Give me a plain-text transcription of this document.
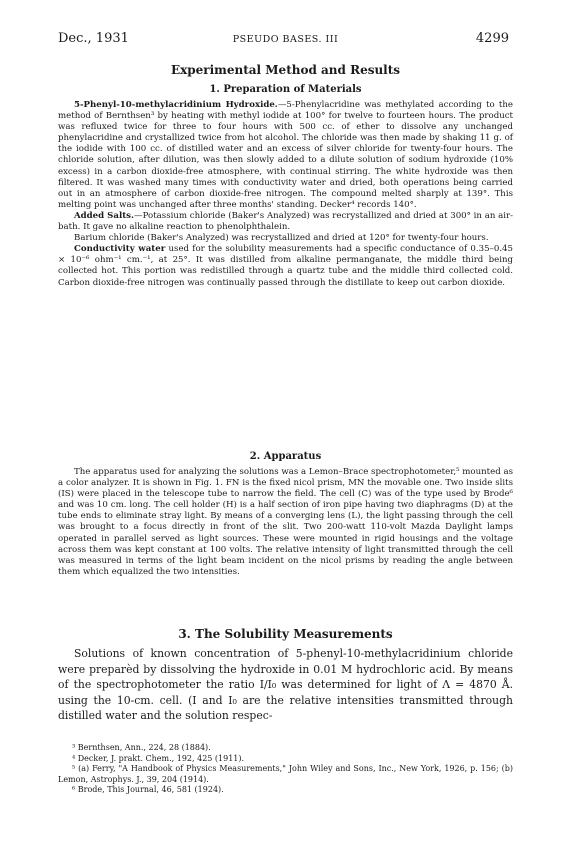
Dec., 1931	PSEUDO BASES. III	4299

Experimental Method and Results

1. Preparation of Materials

5-Phenyl-10-methylacridinium Hydroxide.—5-Phenylacridine was methylated according to the method of Bernthsen³ by heating with methyl iodide at 100° for twelve to fourteen hours. The product was refluxed twice for three to four hours with 500 cc. of ether to dissolve any unchanged phenylacridine and crystallized twice from hot alcohol. The chloride was then made by shaking 11 g. of the iodide with 100 cc. of distilled water and an excess of silver chloride for twenty-four hours. The chloride solution, after dilution, was then slowly added to a dilute solution of sodium hydroxide (10% excess) in a carbon dioxide-free atmosphere, with continual stirring. The white hydroxide was then filtered. It was washed many times with conductivity water and dried, both operations being carried out in an atmosphere of carbon dioxide-free nitrogen. The compound melted sharply at 139°. This melting point was unchanged after three months' standing. Decker⁴ records 140°.

Added Salts.—Potassium chloride (Baker's Analyzed) was recrystallized and dried at 300° in an air-bath. It gave no alkaline reaction to phenolphthalein.

Barium chloride (Baker's Analyzed) was recrystallized and dried at 120° for twenty-four hours.

Conductivity water used for the solubility measurements had a specific conductance of 0.35–0.45 × 10⁻⁶ ohm⁻¹ cm.⁻¹, at 25°. It was distilled from alkaline permanganate, the middle third being collected hot. This portion was redistilled through a quartz tube and the middle third collected cold. Carbon dioxide-free nitrogen was continually passed through the distillate to keep out carbon dioxide.

2. Apparatus

The apparatus used for analyzing the solutions was a Lemon–Brace spectrophotometer,⁵ mounted as a color analyzer. It is shown in Fig. 1. FN is the fixed nicol prism, MN the movable one. Two inside slits (IS) were placed in the telescope tube to narrow the field. The cell (C) was of the type used by Brode⁶ and was 10 cm. long. The cell holder (H) is a half section of iron pipe having two diaphragms (D) at the tube ends to eliminate stray light. By means of a converging lens (L), the light passing through the cell was brought to a focus directly in front of the slit. Two 200-watt 110-volt Mazda Daylight lamps operated in parallel served as light sources. These were mounted in rigid housings and the voltage across them was kept constant at 100 volts. The relative intensity of light transmitted through the cell was measured in terms of the light beam incident on the nicol prisms by reading the angle between them which equalized the two intensities.

3. The Solubility Measurements

Solutions of known concentration of 5-phenyl-10-methylacridinium chloride were preparèd by dissolving the hydroxide in 0.01 M hydrochloric acid. By means of the spectrophotometer the ratio I/I₀ was determined for light of Λ = 4870 Å. using the 10-cm. cell. (I and I₀ are the relative intensities transmitted through distilled water and the solution respec-

³ Bernthsen, Ann., 224, 28 (1884).

⁴ Decker, J. prakt. Chem., 192, 425 (1911).

⁵ (a) Ferry, "A Handbook of Physics Measurements," John Wiley and Sons, Inc., New York, 1926, p. 156; (b) Lemon, Astrophys. J., 39, 204 (1914).

⁶ Brode, This Journal, 46, 581 (1924).
